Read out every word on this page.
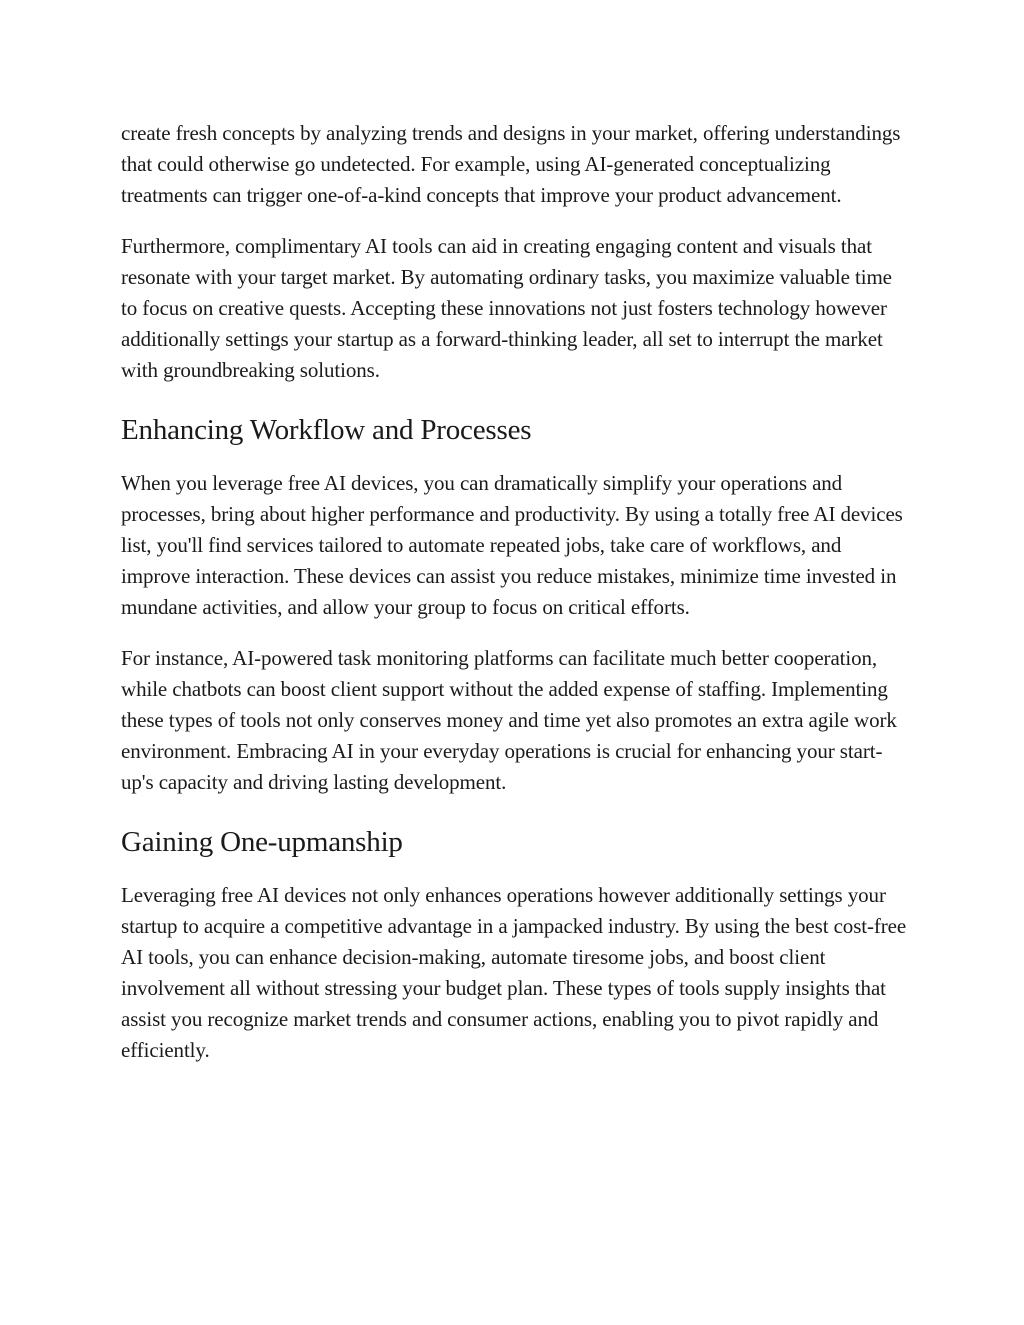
create fresh concepts by analyzing trends and designs in your market, offering understandings that could otherwise go undetected. For example, using AI-generated conceptualizing treatments can trigger one-of-a-kind concepts that improve your product advancement.

Furthermore, complimentary AI tools can aid in creating engaging content and visuals that resonate with your target market. By automating ordinary tasks, you maximize valuable time to focus on creative quests. Accepting these innovations not just fosters technology however additionally settings your startup as a forward-thinking leader, all set to interrupt the market with groundbreaking solutions.

Enhancing Workflow and Processes

When you leverage free AI devices, you can dramatically simplify your operations and processes, bring about higher performance and productivity. By using a totally free AI devices list, you'll find services tailored to automate repeated jobs, take care of workflows, and improve interaction. These devices can assist you reduce mistakes, minimize time invested in mundane activities, and allow your group to focus on critical efforts.

For instance, AI-powered task monitoring platforms can facilitate much better cooperation, while chatbots can boost client support without the added expense of staffing. Implementing these types of tools not only conserves money and time yet also promotes an extra agile work environment. Embracing AI in your everyday operations is crucial for enhancing your start-up's capacity and driving lasting development.

Gaining One-upmanship

Leveraging free AI devices not only enhances operations however additionally settings your startup to acquire a competitive advantage in a jampacked industry. By using the best cost-free AI tools, you can enhance decision-making, automate tiresome jobs, and boost client involvement all without stressing your budget plan. These types of tools supply insights that assist you recognize market trends and consumer actions, enabling you to pivot rapidly and efficiently.
